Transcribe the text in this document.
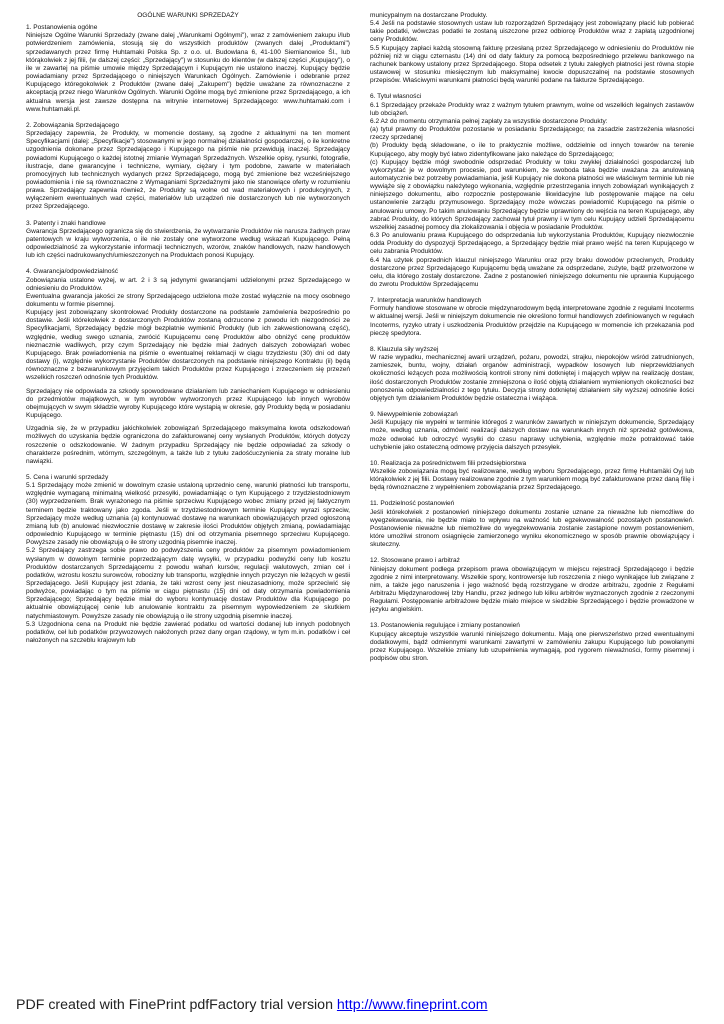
OGÓLNE WARUNKI SPRZEDAŻY

1. Postanowienia ogólne

Niniejsze Ogólne Warunki Sprzedaży (zwane dalej „Warunkami Ogólnymi"), wraz z zamówieniem zakupu i/lub potwierdzeniem zamówienia, stosują się do wszystkich produktów (zwanych dalej „Produktami") sprzedawanych przez firmę Huhtamaki Polska Sp. z o.o. ul. Budowlana 6, 41-100 Siemianowice Śl., lub którąkolwiek z jej filii, (w dalszej części: „Sprzedający") w stosunku do klientów (w dalszej części „Kupujący"), o ile w zawartej na piśmie umowie między Sprzedającym i Kupującym nie ustalono inaczej. Kupujący będzie powiadamiany przez Sprzedającego o niniejszych Warunkach Ogólnych. Zamówienie i odebranie przez Kupującego któregokolwiek z Produktów (zwane dalej „Zakupem") będzie uważane za równoznaczne z akceptacją przez niego Warunków Ogólnych. Warunki Ogólne mogą być zmienione przez Sprzedającego, a ich aktualna wersja jest zawsze dostępna na witrynie internetowej Sprzedającego: www.huhtamaki.com i www.huhtamaki.pl.

2. Zobowiązania Sprzedającego

Sprzedający zapewnia, że Produkty, w momencie dostawy, są zgodne z aktualnymi na ten moment Specyfikacjami (dalej: „Specyfikacje") stosowanymi w jego normalnej działalności gospodarczej, o ile konkretne uzgodnienia dokonane przez Sprzedającego i Kupującego na piśmie nie przewidują inaczej. Sprzedający powiadomi Kupującego o każdej istotnej zmianie Wymagań Sprzedażnych. Wszelkie opisy, rysunki, fotografie, ilustracje, dane gwarancyjne i techniczne, wymiary, ciężary i tym podobne, zawarte w materiałach promocyjnych lub technicznych wydanych przez Sprzedającego, mogą być zmienione bez wcześniejszego powiadomienia i nie są równoznaczne z Wymaganiami Sprzedażnymi jako nie stanowiące oferty w rozumieniu prawa. Sprzedający zapewnia również, że Produkty są wolne od wad materiałowych i produkcyjnych, z wyłączeniem ewentualnych wad części, materiałów lub urządzeń nie dostarczonych lub nie wytworzonych przez Sprzedającego.

3. Patenty i znaki handlowe

Gwarancja Sprzedającego ogranicza się do stwierdzenia, że wytwarzanie Produktów nie narusza żadnych praw patentowych w kraju wytworzenia, o ile nie zostały one wytworzone według wskazań Kupującego. Pełną odpowiedzialność za wykorzystanie informacji technicznych, wzorów, znaków handlowych, nazw handlowych lub ich części nadrukowanych/umieszczonych na Produktach ponosi Kupujący.

4. Gwarancja/odpowiedzialność

Zobowiązania ustalone wyżej, w art. 2 i 3 są jedynymi gwarancjami udzielonymi przez Sprzedającego w odniesieniu do Produktów.

Ewentualna gwarancja jakości ze strony Sprzedającego udzielona może zostać wyłącznie na mocy osobnego dokumentu w formie pisemnej.

Kupujący jest zobowiązany skontrolować Produkty dostarczone na podstawie zamówienia bezpośrednio po dostawie. Jeśli którekolwiek z dostarczonych Produktów zostaną odrzucone z powodu ich niezgodności ze Specyfikacjami, Sprzedający będzie mógł bezpłatnie wymienić Produkty (lub ich zakwestionowaną część), względnie, według swego uznania, zwrócić Kupującemu cenę Produktów albo obniżyć cenę produktów nieznacznie wadliwych, przy czym Sprzedający nie będzie miał żadnych dalszych zobowiązań wobec Kupującego. Brak powiadomienia na piśmie o ewentualnej reklamacji w ciągu trzydziestu (30) dni od daty dostawy (i), względnie wykorzystanie Produktów dostarczonych na podstawie niniejszego Kontraktu (ii) będą równoznaczne z bezwarunkowym przyjęciem takich Produktów przez Kupującego i zrzeczeniem się przezeń wszelkich roszczeń odnośnie tych Produktów.

Sprzedający nie odpowiada za szkody spowodowane działaniem lub zaniechaniem Kupującego w odniesieniu do przedmiotów majątkowych, w tym wyrobów wytworzonych przez Kupującego lub innych wyrobów obejmujących w swym składzie wyroby Kupującego które wystąpią w okresie, gdy Produkty będą w posiadaniu Kupującego.

Uzgadnia się, że w przypadku jakichkolwiek zobowiązań Sprzedającego maksymalna kwota odszkodowań możliwych do uzyskania będzie ograniczona do zafakturowanej ceny wysłanych Produktów, których dotyczy roszczenie o odszkodowanie. W żadnym przypadku Sprzedający nie będzie odpowiadać za szkody o charakterze pośrednim, wtórnym, szczególnym, a także lub z tytułu zadośćuczynienia za straty moralne lub nawiązki.

5. Cena i warunki sprzedaży

5.1 Sprzedający może zmienić w dowolnym czasie ustaloną uprzednio cenę, warunki płatności lub transportu, względnie wymaganą minimalną wielkość przesyłki, powiadamiając o tym Kupującego z trzydziestodniowym (30) wyprzedzeniem. Brak wyrażonego na piśmie sprzeciwu Kupującego wobec zmiany przed jej faktycznym terminem będzie traktowany jako zgoda. Jeśli w trzydziestodniowym terminie Kupujący wyrazi sprzeciw, Sprzedający może według uznania (a) kontynuować dostawę na warunkach obowiązujących przed ogłoszoną zmianą lub (b) anulować niezwłocznie dostawę w zakresie ilości Produktów objętych zmianą, powiadamiając odpowiednio Kupującego w terminie piętnastu (15) dni od otrzymania pisemnego sprzeciwu Kupującego. Powyższe zasady nie obowiązują o ile strony uzgodnią pisemnie inaczej.

5.2 Sprzedający zastrzega sobie prawo do podwyższenia ceny produktów za pisemnym powiadomieniem wysłanym w dowolnym terminie poprzedzającym datę wysyłki, w przypadku podwyżki ceny lub kosztu Produktów dostarczanych Sprzedającemu z powodu wahań kursów, regulacji walutowych, zmian ceł i podatków, wzrostu kosztu surowców, robocizny lub transportu, względnie innych przyczyn nie leżących w gestii Sprzedającego. Jeśli Kupujący jest zdania, że taki wzrost ceny jest nieuzasadniony, może sprzeciwić się podwyżce, powiadając o tym na piśmie w ciągu piętnastu (15) dni od daty otrzymania powiadomienia Sprzedającego; Sprzedający będzie miał do wyboru kontynuację dostaw Produktów dla Kupującego po aktualnie obowiązującej cenie lub anulowanie kontraktu za pisemnym wypowiedzeniem ze skutkiem natychmiastowym. Powyższe zasady nie obowiązują o ile strony uzgodnią pisemnie inaczej.

5.3 Uzgodniona cena na Produkt nie będzie zawierać podatku od wartości dodanej lub innych podobnych podatków, ceł lub podatków przywozowych nałożonych przez dany organ rządowy, w tym m.in. podatków i ceł nałożonych na szczeblu krajowym lub

municypalnym na dostarczane Produkty.

5.4 Jeśli na podstawie stosownych ustaw lub rozporządzeń Sprzedający jest zobowiązany płacić lub pobierać takie podatki, wówczas podatki te zostaną uiszczone przez odbiorcę Produktów wraz z zapłatą uzgodnionej ceny Produktów.

5.5 Kupujący zapłaci każdą stosowną fakturę przesłaną przez Sprzedającego w odniesieniu do Produktów nie później niż w ciągu czternastu (14) dni od daty faktury za pomocą bezpośredniego przelewu bankowego na rachunek bankowy ustalony przez Sprzedającego. Stopa odsetek z tytułu zaległych płatności jest równa stopie ustawowej w stosunku miesięcznym lub maksymalnej kwocie dopuszczalnej na podstawie stosownych przepisów. Właściwymi warunkami płatności będą warunki podane na fakturze Sprzedającego.

6. Tytuł własności

6.1 Sprzedający przekaże Produkty wraz z ważnym tytułem prawnym, wolne od wszelkich legalnych zastawów lub obciążeń.

6.2 Aż do momentu otrzymania pełnej zapłaty za wszystkie dostarczone Produkty:

(a) tytuł prawny do Produktów pozostanie w posiadaniu Sprzedającego; na zasadzie zastrzeżenia własności rzeczy sprzedanej

(b) Produkty będą składowane, o ile to praktycznie możliwe, oddzielnie od innych towarów na terenie Kupującego, aby mogły być łatwo zidentyfikowane jako należące do Sprzedającego;

(c) Kupujący będzie mógł swobodnie odsprzedać Produkty w toku zwykłej działalności gospodarczej lub wykorzystać je w dowolnym procesie, pod warunkiem, że swoboda taka będzie uważana za anulowaną automatycznie bez potrzeby powiadamiania, jeśli Kupujący nie dokona płatności we właściwym terminie lub nie wywiąże się z obowiązku należytego wykonania, względnie przestrzegania innych zobowiązań wynikających z niniejszego dokumentu, albo rozpocznie postępowanie likwidacyjne lub postępowanie mające na celu ustanowienie zarządu przymusowego. Sprzedający może wówczas powiadomić Kupującego na piśmie o anulowaniu umowy. Po takim anulowaniu Sprzedający będzie uprawniony do wejścia na teren Kupującego, aby zabrać Produkty, do których Sprzedający zachował tytuł prawny i w tym celu Kupujący udzieli Sprzedającemu wszelkiej zasadnej pomocy dla zlokalizowania i objęcia w posiadanie Produktów.

6.3 Po anulowaniu prawa Kupującego do odsprzedania lub wykorzystania Produktów, Kupujący niezwłocznie odda Produkty do dyspozycji Sprzedającego, a Sprzedający będzie miał prawo wejść na teren Kupującego w celu zabrania Produktów.

6.4 Na użytek poprzednich klauzul niniejszego Warunku oraz przy braku dowodów przeciwnych, Produkty dostarczone przez Sprzedającego Kupującemu będą uważane za odsprzedane, zużyte, bądź przetworzone w celu, dla którego zostały dostarczone. Żadne z postanowień niniejszego dokumentu nie uprawnia Kupującego do zwrotu Produktów Sprzedającemu

7. Interpretacja warunków handlowych

Formuły handlowe stosowane w obrocie międzynarodowym będą interpretowane zgodnie z regułami Incoterms w aktualnej wersji. Jeśli w niniejszym dokumencie nie określono formuł handlowych zdefiniowanych w regułach Incoterms, ryzyko utraty i uszkodzenia Produktów przejdzie na Kupującego w momencie ich przekazania pod pieczę spedytora.

8. Klauzula siły wyższej

W razie wypadku, mechanicznej awarii urządzeń, pożaru, powodzi, strajku, niepokojów wśród zatrudnionych, zamieszek, buntu, wojny, działań organów administracji, wypadków losowych lub nieprzewidzianych okoliczności leżących poza możliwością kontroli strony nimi dotkniętej i mających wpływ na realizację dostaw, ilość dostarczonych Produktów zostanie zmniejszona o ilość objętą działaniem wymienionych okoliczności bez ponoszenia odpowiedzialności z tego tytułu. Decyzja strony dotkniętej działaniem siły wyższej odnośnie ilości objętych tym działaniem Produktów będzie ostateczna i wiążąca.

9. Niewypełnienie zobowiązań

Jeśli Kupujący nie wypełni w terminie któregoś z warunków zawartych w niniejszym dokumencie, Sprzedający może, według uznania, odmówić realizacji dalszych dostaw na warunkach innych niż sprzedaż gotówkowa, może odwołać lub odroczyć wysyłki do czasu naprawy uchybienia, względnie może potraktować takie uchybienie jako ostateczną odmowę przyjęcia dalszych przesyłek.

10. Realizacja za pośrednictwem filii przedsiębiorstwa

Wszelkie zobowiązania mogą być realizowane, według wyboru Sprzedającego, przez firmę Huhtamäki Oyj lub którąkolwiek z jej filii. Dostawy realizowane zgodnie z tym warunkiem mogą być zafakturowane przez daną filię i będą równoznaczne z wypełnieniem zobowiązania przez Sprzedającego.

11. Podzielność postanowień

Jeśli którekolwiek z postanowień niniejszego dokumentu zostanie uznane za nieważne lub niemożliwe do wyegzekwowania, nie będzie miało to wpływu na ważność lub egzekwowalność pozostałych postanowień. Postanowienie nieważne lub niemożliwe do wyegzekwowania zostanie zastąpione nowym postanowieniem, które umożliwi stronom osiągnięcie zamierzonego wyniku ekonomicznego w sposób prawnie obowiązujący i skuteczny.

12. Stosowane prawo i arbitraż

Niniejszy dokument podlega przepisom prawa obowiązującym w miejscu rejestracji Sprzedającego i będzie zgodnie z nimi interpretowany. Wszelkie spory, kontrowersje lub roszczenia z niego wynikające lub związane z nim, a także jego naruszenia i jego ważność będą rozstrzygane w drodze arbitrażu, zgodnie z Regułami Arbitrażu Międzynarodowej Izby Handlu, przez jednego lub kilku arbitrów wyznaczonych zgodnie z rzeczonymi Regułami. Postępowanie arbitrażowe będzie miało miejsce w siedzibie Sprzedającego i będzie prowadzone w języku angielskim.

13. Postanowienia regulujące i zmiany postanowień

Kupujący akceptuje wszystkie warunki niniejszego dokumentu. Mają one pierwszeństwo przed ewentualnymi dodatkowymi, bądź odmiennymi warunkami zawartymi w zamówieniu zakupu Kupującego lub powołanymi przez Kupującego. Wszelkie zmiany lub uzupełnienia wymagają, pod rygorem nieważności, formy pisemnej i podpisów obu stron.

PDF created with FinePrint pdfFactory trial version http://www.fineprint.com
